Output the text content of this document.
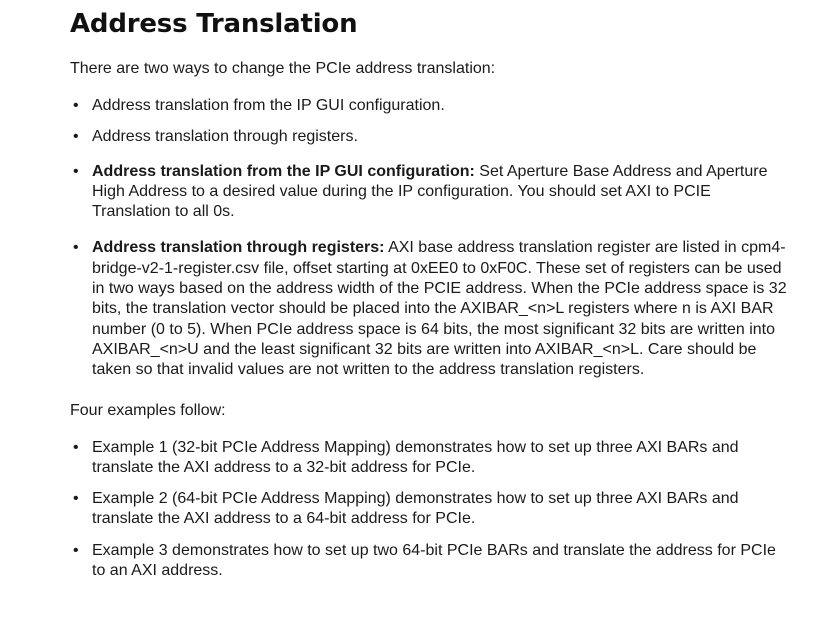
Address Translation

There are two ways to change the PCIe address translation:

• Address translation from the IP GUI configuration.
• Address translation through registers.
• Address translation from the IP GUI configuration: Set Aperture Base Address and Aperture High Address to a desired value during the IP configuration. You should set AXI to PCIE Translation to all 0s.
• Address translation through registers: AXI base address translation register are listed in cpm4-bridge-v2-1-register.csv file, offset starting at 0xEE0 to 0xF0C. These set of registers can be used in two ways based on the address width of the PCIE address. When the PCIe address space is 32 bits, the translation vector should be placed into the AXIBAR_<n>L registers where n is AXI BAR number (0 to 5). When PCIe address space is 64 bits, the most significant 32 bits are written into AXIBAR_<n>U and the least significant 32 bits are written into AXIBAR_<n>L. Care should be taken so that invalid values are not written to the address translation registers.

Four examples follow:

• Example 1 (32-bit PCIe Address Mapping) demonstrates how to set up three AXI BARs and translate the AXI address to a 32-bit address for PCIe.
• Example 2 (64-bit PCIe Address Mapping) demonstrates how to set up three AXI BARs and translate the AXI address to a 64-bit address for PCIe.
• Example 3 demonstrates how to set up two 64-bit PCIe BARs and translate the address for PCIe to an AXI address.
